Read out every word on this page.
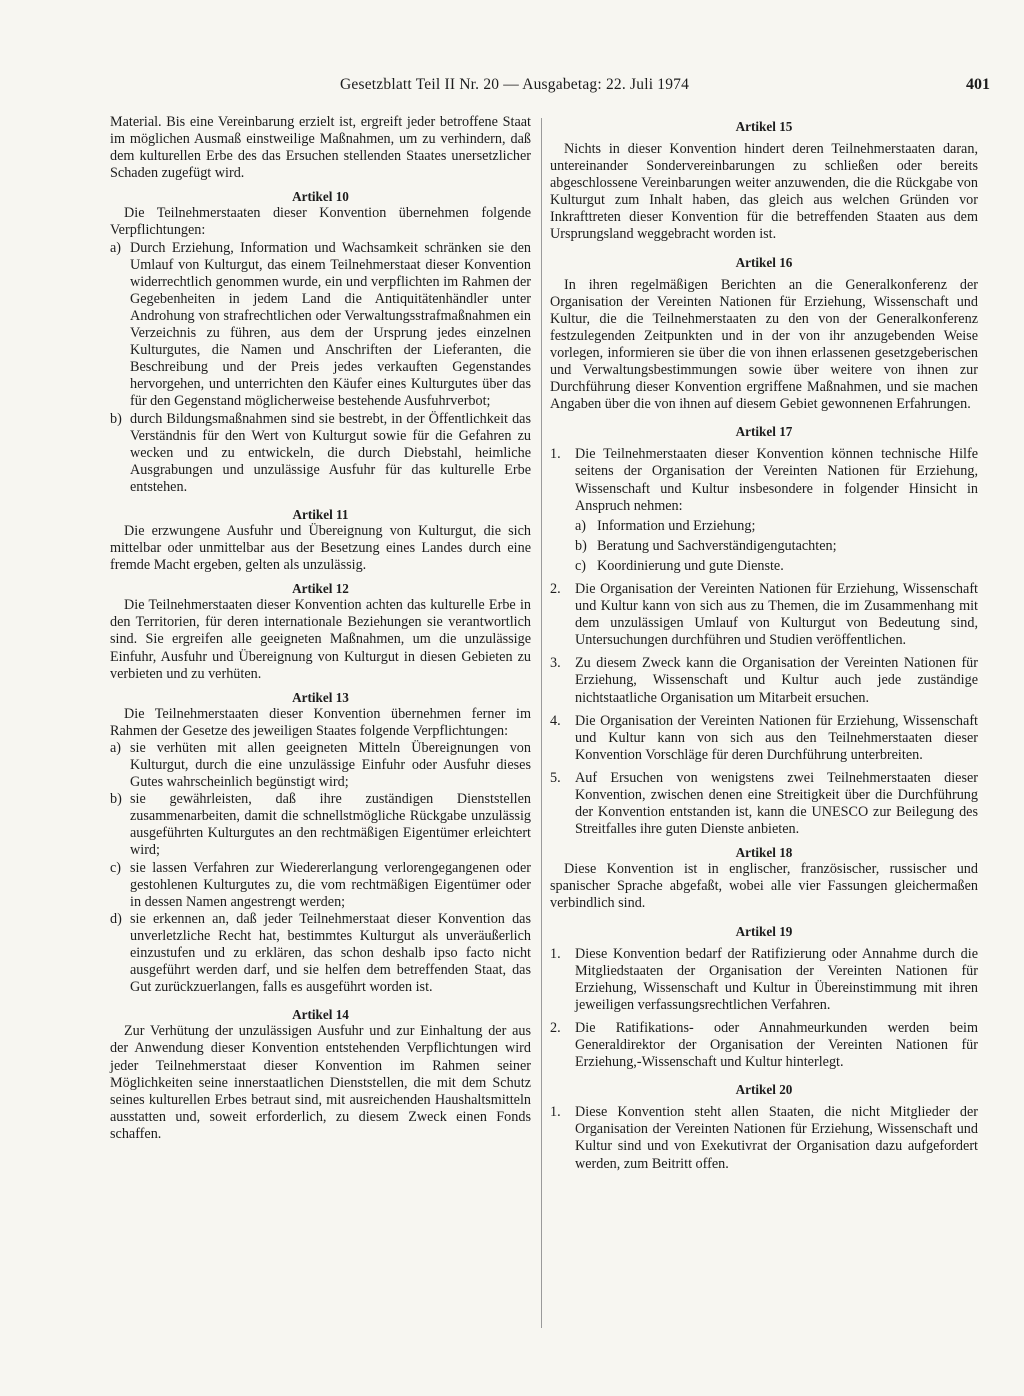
Gesetzblatt Teil II Nr. 20 — Ausgabetag: 22. Juli 1974	401

Material. Bis eine Vereinbarung erzielt ist, ergreift jeder betroffene Staat im möglichen Ausmaß einstweilige Maßnahmen, um zu verhindern, daß dem kulturellen Erbe des das Ersuchen stellenden Staates unersetzlicher Schaden zugefügt wird.

Artikel 10

Die Teilnehmerstaaten dieser Konvention übernehmen folgende Verpflichtungen:

a) Durch Erziehung, Information und Wachsamkeit schränken sie den Umlauf von Kulturgut, das einem Teilnehmerstaat dieser Konvention widerrechtlich genommen wurde, ein und verpflichten im Rahmen der Gegebenheiten in jedem Land die Antiquitätenhändler unter Androhung von strafrechtlichen oder Verwaltungsstrafmaßnahmen ein Verzeichnis zu führen, aus dem der Ursprung jedes einzelnen Kulturgutes, die Namen und Anschriften der Lieferanten, die Beschreibung und der Preis jedes verkauften Gegenstandes hervorgehen, und unterrichten den Käufer eines Kulturgutes über das für den Gegenstand möglicherweise bestehende Ausfuhrverbot;
b) durch Bildungsmaßnahmen sind sie bestrebt, in der Öffentlichkeit das Verständnis für den Wert von Kulturgut sowie für die Gefahren zu wecken und zu entwickeln, die durch Diebstahl, heimliche Ausgrabungen und unzulässige Ausfuhr für das kulturelle Erbe entstehen.
Artikel 11

Die erzwungene Ausfuhr und Übereignung von Kulturgut, die sich mittelbar oder unmittelbar aus der Besetzung eines Landes durch eine fremde Macht ergeben, gelten als unzulässig.

Artikel 12

Die Teilnehmerstaaten dieser Konvention achten das kulturelle Erbe in den Territorien, für deren internationale Beziehungen sie verantwortlich sind. Sie ergreifen alle geeigneten Maßnahmen, um die unzulässige Einfuhr, Ausfuhr und Übereignung von Kulturgut in diesen Gebieten zu verbieten und zu verhüten.

Artikel 13

Die Teilnehmerstaaten dieser Konvention übernehmen ferner im Rahmen der Gesetze des jeweiligen Staates folgende Verpflichtungen:

a) sie verhüten mit allen geeigneten Mitteln Übereignungen von Kulturgut, durch die eine unzulässige Einfuhr oder Ausfuhr dieses Gutes wahrscheinlich begünstigt wird;
b) sie gewährleisten, daß ihre zuständigen Dienststellen zusammenarbeiten, damit die schnellstmögliche Rückgabe unzulässig ausgeführten Kulturgutes an den rechtmäßigen Eigentümer erleichtert wird;
c) sie lassen Verfahren zur Wiedererlangung verlorengegangenen oder gestohlenen Kulturgutes zu, die vom rechtmäßigen Eigentümer oder in dessen Namen angestrengt werden;
d) sie erkennen an, daß jeder Teilnehmerstaat dieser Konvention das unverletzliche Recht hat, bestimmtes Kulturgut als unveräußerlich einzustufen und zu erklären, das schon deshalb ipso facto nicht ausgeführt werden darf, und sie helfen dem betreffenden Staat, das Gut zurückzuerlangen, falls es ausgeführt worden ist.
Artikel 14

Zur Verhütung der unzulässigen Ausfuhr und zur Einhaltung der aus der Anwendung dieser Konvention entstehenden Verpflichtungen wird jeder Teilnehmerstaat dieser Konvention im Rahmen seiner Möglichkeiten seine innerstaatlichen Dienststellen, die mit dem Schutz seines kulturellen Erbes betraut sind, mit ausreichenden Haushaltsmitteln ausstatten und, soweit erforderlich, zu diesem Zweck einen Fonds schaffen.

Artikel 15

Nichts in dieser Konvention hindert deren Teilnehmerstaaten daran, untereinander Sondervereinbarungen zu schließen oder bereits abgeschlossene Vereinbarungen weiter anzuwenden, die die Rückgabe von Kulturgut zum Inhalt haben, das gleich aus welchen Gründen vor Inkrafttreten dieser Konvention für die betreffenden Staaten aus dem Ursprungsland weggebracht worden ist.

Artikel 16

In ihren regelmäßigen Berichten an die Generalkonferenz der Organisation der Vereinten Nationen für Erziehung, Wissenschaft und Kultur, die die Teilnehmerstaaten zu den von der Generalkonferenz festzulegenden Zeitpunkten und in der von ihr anzugebenden Weise vorlegen, informieren sie über die von ihnen erlassenen gesetzgeberischen und Verwaltungsbestimmungen sowie über weitere von ihnen zur Durchführung dieser Konvention ergriffene Maßnahmen, und sie machen Angaben über die von ihnen auf diesem Gebiet gewonnenen Erfahrungen.

Artikel 17
1.	Die Teilnehmerstaaten dieser Konvention können technische Hilfe seitens der Organisation der Vereinten Nationen für Erziehung, Wissenschaft und Kultur insbesondere in folgender Hinsicht in Anspruch nehmen:
a) Information und Erziehung;
b) Beratung und Sachverständigengutachten;
c) Koordinierung und gute Dienste.
2.	Die Organisation der Vereinten Nationen für Erziehung, Wissenschaft und Kultur kann von sich aus zu Themen, die im Zusammenhang mit dem unzulässigen Umlauf von Kulturgut von Bedeutung sind, Untersuchungen durchführen und Studien veröffentlichen.
3.	Zu diesem Zweck kann die Organisation der Vereinten Nationen für Erziehung, Wissenschaft und Kultur auch jede zuständige nichtstaatliche Organisation um Mitarbeit ersuchen.
4.	Die Organisation der Vereinten Nationen für Erziehung, Wissenschaft und Kultur kann von sich aus den Teilnehmerstaaten dieser Konvention Vorschläge für deren Durchführung unterbreiten.
5.	Auf Ersuchen von wenigstens zwei Teilnehmerstaaten dieser Konvention, zwischen denen eine Streitigkeit über die Durchführung der Konvention entstanden ist, kann die UNESCO zur Beilegung des Streitfalles ihre guten Dienste anbieten.
Artikel 18

Diese Konvention ist in englischer, französischer, russischer und spanischer Sprache abgefaßt, wobei alle vier Fassungen gleichermaßen verbindlich sind.

Artikel 19
1.	Diese Konvention bedarf der Ratifizierung oder Annahme durch die Mitgliedstaaten der Organisation der Vereinten Nationen für Erziehung, Wissenschaft und Kultur in Übereinstimmung mit ihren jeweiligen verfassungsrechtlichen Verfahren.
2.	Die Ratifikations- oder Annahmeurkunden werden beim Generaldirektor der Organisation der Vereinten Nationen für Erziehung,-Wissenschaft und Kultur hinterlegt.
Artikel 20
1.	Diese Konvention steht allen Staaten, die nicht Mitglieder der Organisation der Vereinten Nationen für Erziehung, Wissenschaft und Kultur sind und von Exekutivrat der Organisation dazu aufgefordert werden, zum Beitritt offen.
